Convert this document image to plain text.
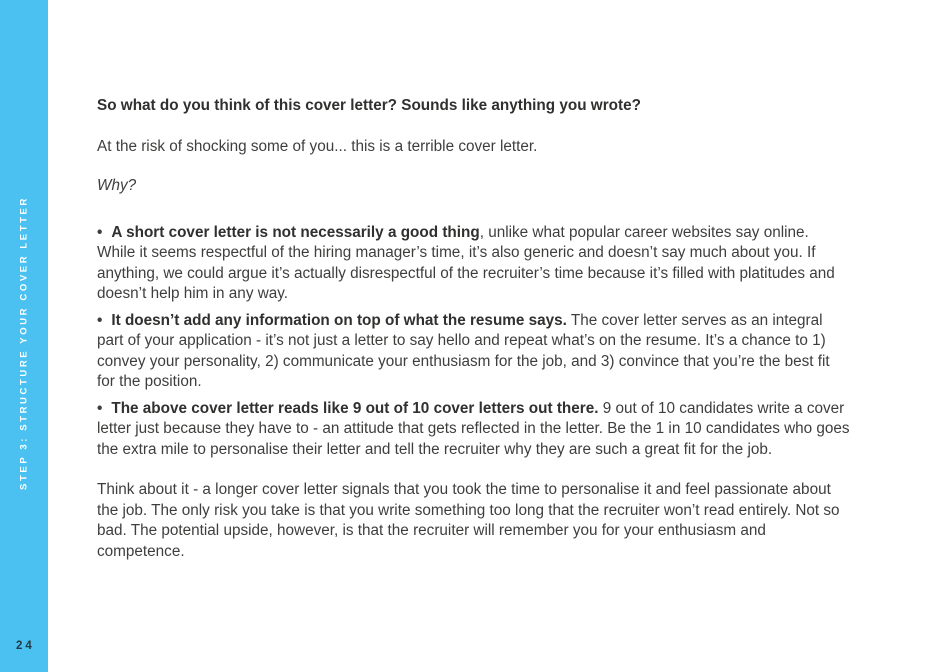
STEP 3: STRUCTURE YOUR COVER LETTER
24

So what do you think of this cover letter? Sounds like anything you wrote?

At the risk of shocking some of you... this is a terrible cover letter.

Why?

• A short cover letter is not necessarily a good thing, unlike what popular career websites say online. While it seems respectful of the hiring manager’s time, it’s also generic and doesn’t say much about you. If anything, we could argue it’s actually disrespectful of the recruiter’s time because it’s filled with platitudes and doesn’t help him in any way.

• It doesn’t add any information on top of what the resume says. The cover letter serves as an integral part of your application - it’s not just a letter to say hello and repeat what’s on the resume. It’s a chance to 1) convey your personality, 2) communicate your enthusiasm for the job, and 3) convince that you’re the best fit for the position.

• The above cover letter reads like 9 out of 10 cover letters out there. 9 out of 10 candidates write a cover letter just because they have to - an attitude that gets reflected in the letter. Be the 1 in 10 candidates who goes the extra mile to personalise their letter and tell the recruiter why they are such a great fit for the job.

Think about it - a longer cover letter signals that you took the time to personalise it and feel passionate about the job. The only risk you take is that you write something too long that the recruiter won’t read entirely. Not so bad. The potential upside, however, is that the recruiter will remember you for your enthusiasm and competence.
